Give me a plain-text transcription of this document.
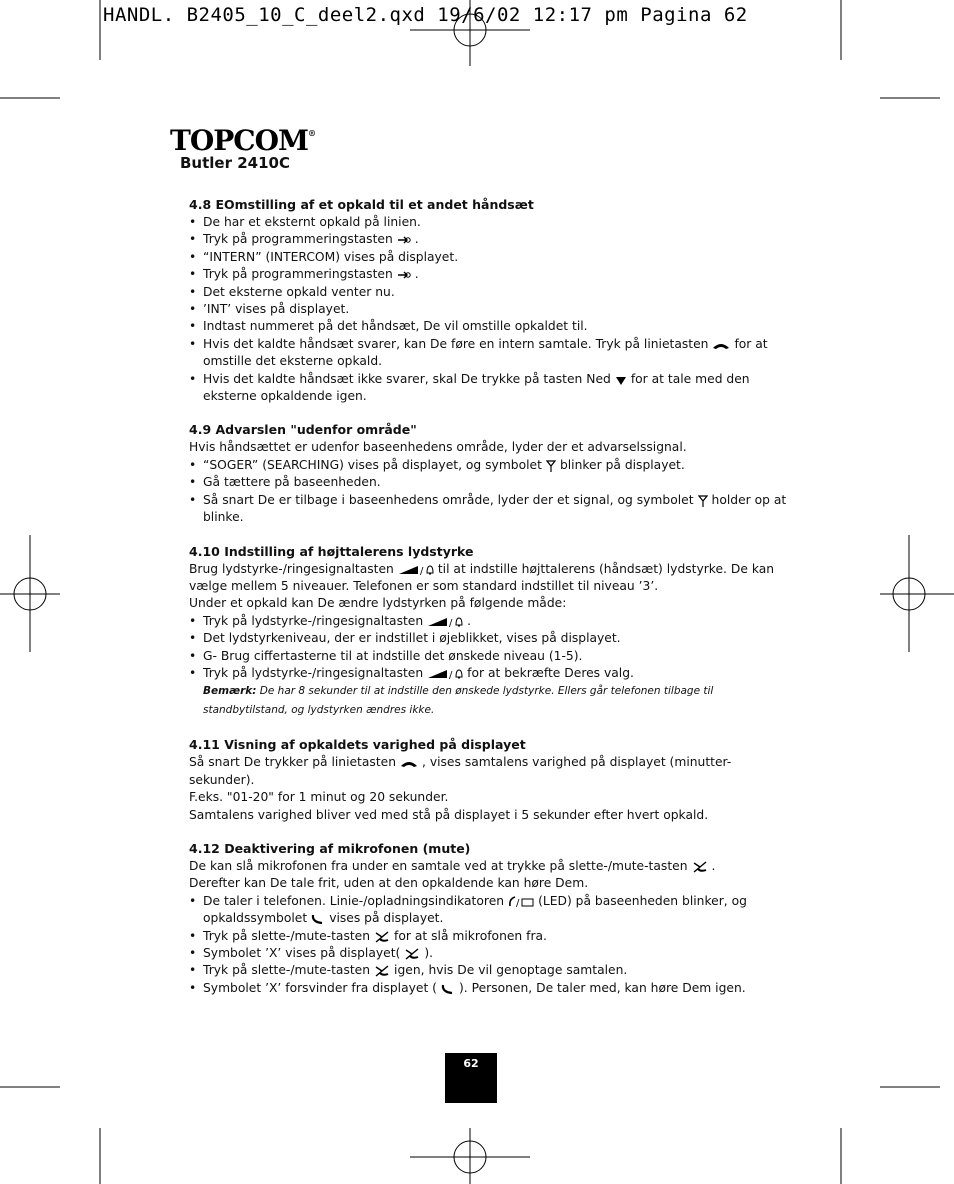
HANDL. B2405_10_C_deel2.qxd 19/6/02 12:17 pm Pagina 62
TOPCOM®
Butler 2410C
4.8 EOmstilling af et opkald til et andet håndsæt
• De har et eksternt opkald på linien.
• Tryk på programmeringstasten .
• “INTERN” (INTERCOM) vises på displayet.
• Tryk på programmeringstasten .
• Det eksterne opkald venter nu.
• ’INT’ vises på displayet.
• Indtast nummeret på det håndsæt, De vil omstille opkaldet til.
• Hvis det kaldte håndsæt svarer, kan De føre en intern samtale. Tryk på linietasten for at omstille det eksterne opkald.
• Hvis det kaldte håndsæt ikke svarer, skal De trykke på tasten Ned for at tale med den eksterne opkaldende igen.
4.9 Advarslen "udenfor område"

Hvis håndsættet er udenfor baseenhedens område, lyder der et advarselssignal.

• “SOGER” (SEARCHING) vises på displayet, og symbolet blinker på displayet.
• Gå tættere på baseenheden.
• Så snart De er tilbage i baseenhedens område, lyder der et signal, og symbolet holder op at blinke.
4.10 Indstilling af højttalerens lydstyrke

Brug lydstyrke-/ringesignaltasten	/ til at indstille højttalerens (håndsæt) lydstyrke. De kan vælge mellem 5 niveauer. Telefonen er som standard indstillet til niveau ’3’.

Under et opkald kan De ændre lydstyrken på følgende måde:

• Tryk på lydstyrke-/ringesignaltasten	/ .
• Det lydstyrkeniveau, der er indstillet i øjeblikket, vises på displayet.
• G- Brug ciffertasterne til at indstille det ønskede niveau (1-5).
• Tryk på lydstyrke-/ringesignaltasten	/ for at bekræfte Deres valg.

Bemærk: De har 8 sekunder til at indstille den ønskede lydstyrke. Ellers går telefonen tilbage til standbytilstand, og lydstyrken ændres ikke.

4.11 Visning af opkaldets varighed på displayet

Så snart De trykker på linietasten , vises samtalens varighed på displayet (minutter-sekunder).

F.eks. "01-20" for 1 minut og 20 sekunder.

Samtalens varighed bliver ved med stå på displayet i 5 sekunder efter hvert opkald.

4.12 Deaktivering af mikrofonen (mute)

De kan slå mikrofonen fra under en samtale ved at trykke på slette-/mute-tasten .

Derefter kan De tale frit, uden at den opkaldende kan høre Dem.

• De taler i telefonen. Linie-/opladningsindikatoren / (LED) på baseenheden blinker, og opkaldssymbolet vises på displayet.
• Tryk på slette-/mute-tasten for at slå mikrofonen fra.
• Symbolet ’X’ vises på displayet( ).
• Tryk på slette-/mute-tasten igen, hvis De vil genoptage samtalen.
• Symbolet ’X’ forsvinder fra displayet ( ). Personen, De taler med, kan høre Dem igen.
62
